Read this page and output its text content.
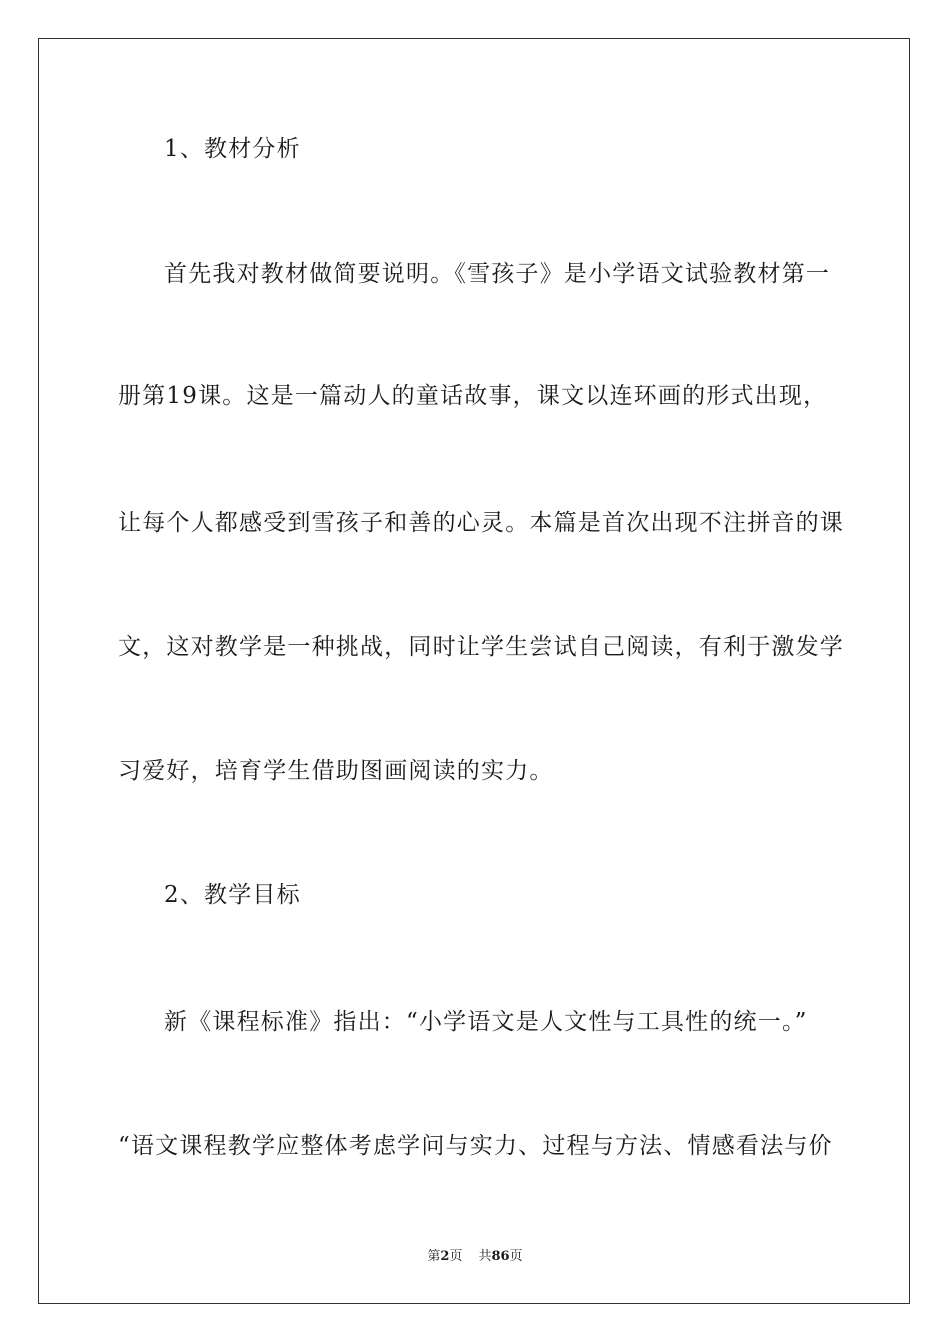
1、教材分析
首先我对教材做简要说明。《雪孩子》是小学语文试验教材第一
册第19课。这是一篇动人的童话故事，课文以连环画的形式出现，
让每个人都感受到雪孩子和善的心灵。本篇是首次出现不注拼音的课
文，这对教学是一种挑战，同时让学生尝试自己阅读，有利于激发学
习爱好，培育学生借助图画阅读的实力。
2、教学目标
新《课程标准》指出：“小学语文是人文性与工具性的统一。”
“语文课程教学应整体考虑学问与实力、过程与方法、情感看法与价
第2页 共86页
